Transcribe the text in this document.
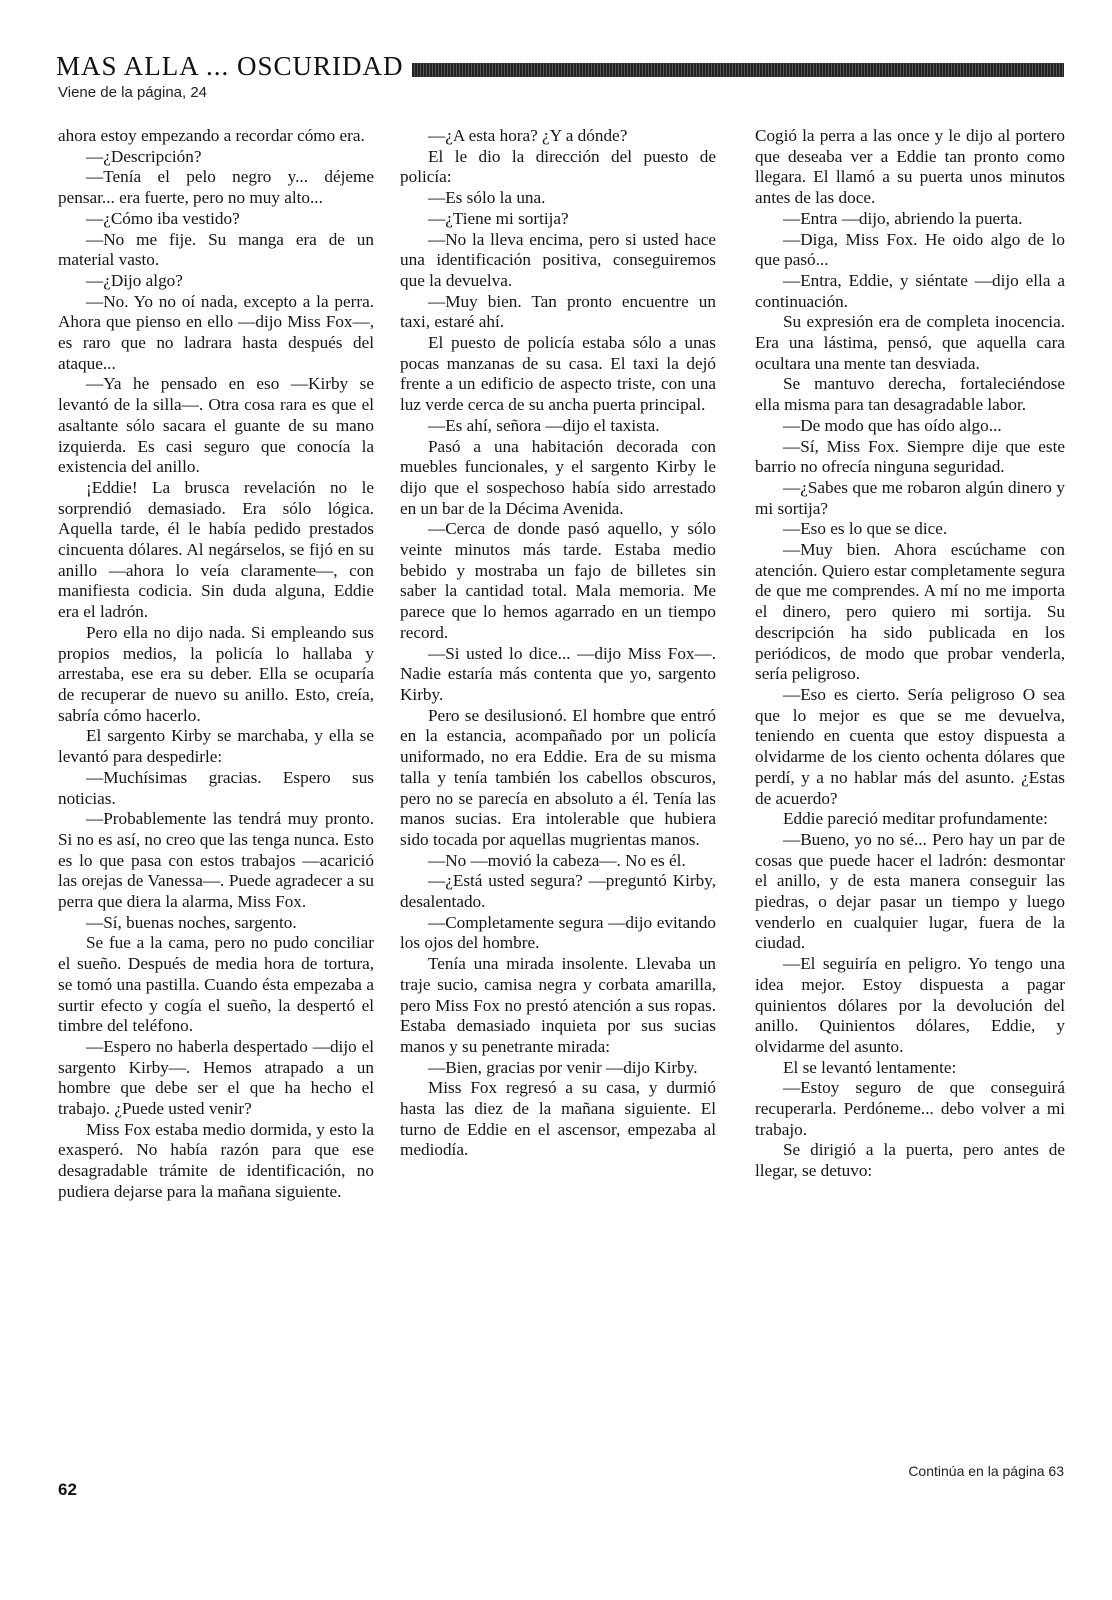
MAS ALLA ... OSCURIDAD
Viene de la página, 24

ahora estoy empezando a recordar cómo era.

—¿Descripción?

—Tenía el pelo negro y... déjeme pensar... era fuerte, pero no muy alto...

—¿Cómo iba vestido?

—No me fije. Su manga era de un material vasto.

—¿Dijo algo?

—No. Yo no oí nada, excepto a la perra. Ahora que pienso en ello —dijo Miss Fox—, es raro que no ladrara hasta después del ataque...

—Ya he pensado en eso —Kirby se levantó de la silla—. Otra cosa rara es que el asaltante sólo sacara el guante de su mano izquierda. Es casi seguro que conocía la existencia del anillo.

¡Eddie! La brusca revelación no le sorprendió demasiado. Era sólo lógica. Aquella tarde, él le había pedido prestados cincuenta dólares. Al negárselos, se fijó en su anillo —ahora lo veía claramente—, con manifiesta codicia. Sin duda alguna, Eddie era el ladrón.

Pero ella no dijo nada. Si empleando sus propios medios, la policía lo hallaba y arrestaba, ese era su deber. Ella se ocuparía de recuperar de nuevo su anillo. Esto, creía, sabría cómo hacerlo.

El sargento Kirby se marchaba, y ella se levantó para despedirle:

—Muchísimas gracias. Espero sus noticias.

—Probablemente las tendrá muy pronto. Si no es así, no creo que las tenga nunca. Esto es lo que pasa con estos trabajos —acarició las orejas de Vanessa—. Puede agradecer a su perra que diera la alarma, Miss Fox.

—Sí, buenas noches, sargento.

Se fue a la cama, pero no pudo conciliar el sueño. Después de media hora de tortura, se tomó una pastilla. Cuando ésta empezaba a surtir efecto y cogía el sueño, la despertó el timbre del teléfono.

—Espero no haberla despertado —dijo el sargento Kirby—. Hemos atrapado a un hombre que debe ser el que ha hecho el trabajo. ¿Puede usted venir?

Miss Fox estaba medio dormida, y esto la exasperó. No había razón para que ese desagradable trámite de identificación, no pudiera dejarse para la mañana siguiente.

—¿A esta hora? ¿Y a dónde?

El le dio la dirección del puesto de policía:

—Es sólo la una.

—¿Tiene mi sortija?

—No la lleva encima, pero si usted hace una identificación positiva, conseguiremos que la devuelva.

—Muy bien. Tan pronto encuentre un taxi, estaré ahí.

El puesto de policía estaba sólo a unas pocas manzanas de su casa. El taxi la dejó frente a un edificio de aspecto triste, con una luz verde cerca de su ancha puerta principal.

—Es ahí, señora —dijo el taxista.

Pasó a una habitación decorada con muebles funcionales, y el sargento Kirby le dijo que el sospechoso había sido arrestado en un bar de la Décima Avenida.

—Cerca de donde pasó aquello, y sólo veinte minutos más tarde. Estaba medio bebido y mostraba un fajo de billetes sin saber la cantidad total. Mala memoria. Me parece que lo hemos agarrado en un tiempo record.

—Si usted lo dice... —dijo Miss Fox—. Nadie estaría más contenta que yo, sargento Kirby.

Pero se desilusionó. El hombre que entró en la estancia, acompañado por un policía uniformado, no era Eddie. Era de su misma talla y tenía también los cabellos obscuros, pero no se parecía en absoluto a él. Tenía las manos sucias. Era intolerable que hubiera sido tocada por aquellas mugrientas manos.

—No —movió la cabeza—. No es él.

—¿Está usted segura? —preguntó Kirby, desalentado.

—Completamente segura —dijo evitando los ojos del hombre.

Tenía una mirada insolente. Llevaba un traje sucio, camisa negra y corbata amarilla, pero Miss Fox no prestó atención a sus ropas. Estaba demasiado inquieta por sus sucias manos y su penetrante mirada:

—Bien, gracias por venir —dijo Kirby.

Miss Fox regresó a su casa, y durmió hasta las diez de la mañana siguiente. El turno de Eddie en el ascensor, empezaba al mediodía.

Cogió la perra a las once y le dijo al portero que deseaba ver a Eddie tan pronto como llegara. El llamó a su puerta unos minutos antes de las doce.

—Entra —dijo, abriendo la puerta.

—Diga, Miss Fox. He oido algo de lo que pasó...

—Entra, Eddie, y siéntate —dijo ella a continuación.

Su expresión era de completa inocencia. Era una lástima, pensó, que aquella cara ocultara una mente tan desviada.

Se mantuvo derecha, fortaleciéndose ella misma para tan desagradable labor.

—De modo que has oído algo...

—Sí, Miss Fox. Siempre dije que este barrio no ofrecía ninguna seguridad.

—¿Sabes que me robaron algún dinero y mi sortija?

—Eso es lo que se dice.

—Muy bien. Ahora escúchame con atención. Quiero estar completamente segura de que me comprendes. A mí no me importa el dinero, pero quiero mi sortija. Su descripción ha sido publicada en los periódicos, de modo que probar venderla, sería peligroso.

—Eso es cierto. Sería peligroso O sea que lo mejor es que se me devuelva, teniendo en cuenta que estoy dispuesta a olvidarme de los ciento ochenta dólares que perdí, y a no hablar más del asunto. ¿Estas de acuerdo?

Eddie pareció meditar profundamente:

—Bueno, yo no sé... Pero hay un par de cosas que puede hacer el ladrón: desmontar el anillo, y de esta manera conseguir las piedras, o dejar pasar un tiempo y luego venderlo en cualquier lugar, fuera de la ciudad.

—El seguiría en peligro. Yo tengo una idea mejor. Estoy dispuesta a pagar quinientos dólares por la devolución del anillo. Quinientos dólares, Eddie, y olvidarme del asunto.

El se levantó lentamente:

—Estoy seguro de que conseguirá recuperarla. Perdóneme... debo volver a mi trabajo.

Se dirigió a la puerta, pero antes de llegar, se detuvo:

62
Continúa en la página 63
